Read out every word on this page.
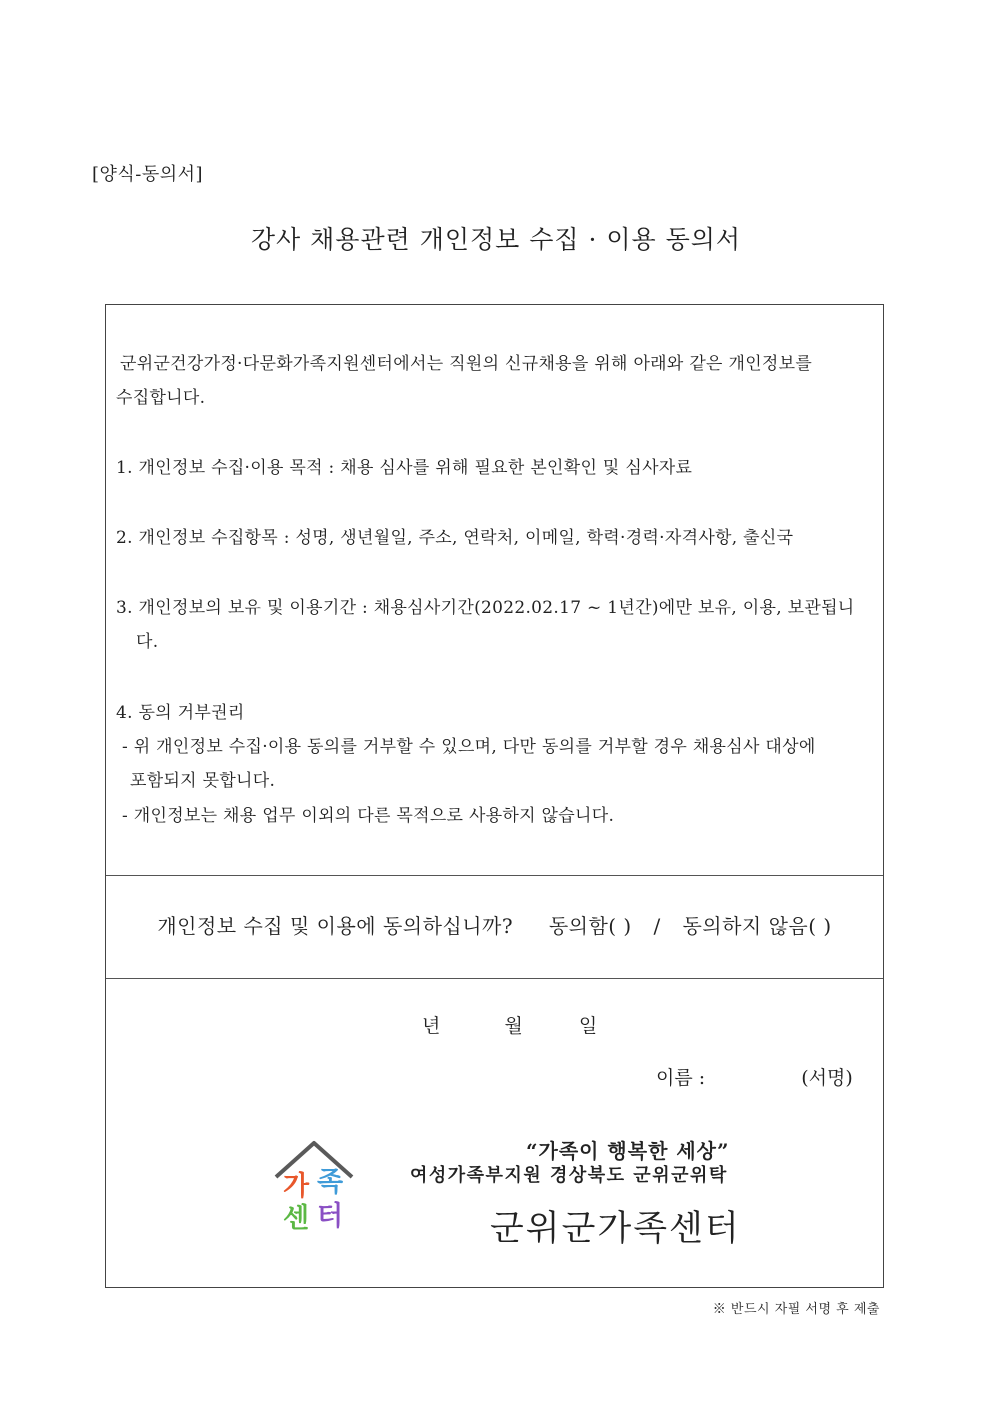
[양식-동의서]
강사 채용관련 개인정보 수집 · 이용 동의서
군위군건강가정·다문화가족지원센터에서는 직원의 신규채용을 위해 아래와 같은 개인정보를
수집합니다.
1. 개인정보 수집·이용 목적 : 채용 심사를 위해 필요한 본인확인 및 심사자료
2. 개인정보 수집항목 : 성명, 생년월일, 주소, 연락처, 이메일, 학력·경력·자격사항, 출신국
3. 개인정보의 보유 및 이용기간 : 채용심사기간(2022.02.17 ~ 1년간)에만 보유, 이용, 보관됩니
다.
4. 동의 거부권리
- 위 개인정보 수집·이용 동의를 거부할 수 있으며, 다만 동의를 거부할 경우 채용심사 대상에
포함되지 못합니다.
- 개인정보는 채용 업무 이외의 다른 목적으로 사용하지 않습니다.
개인정보 수집 및 이용에 동의하십니까? 동의함( ) / 동의하지 않음( )
년	월	일
이름 :	(서명)
가 족
센 터
“가족이 행복한 세상”
여성가족부지원 경상북도 군위군위탁
군위군가족센터
※ 반드시 자필 서명 후 제출
